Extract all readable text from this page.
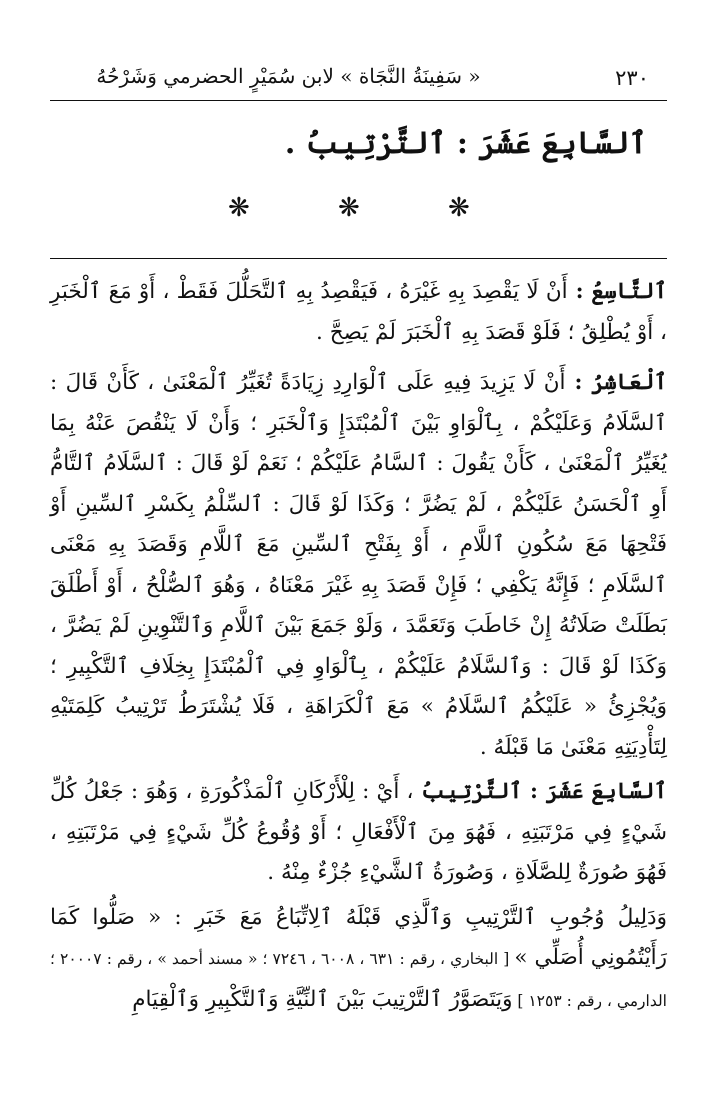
٢٣٠
« سَفِينَةُ النَّجَاة » لابن سُمَيْرٍ الحضرمي وَشَرْحُهُ
ٱلسَّابِعَ عَشَرَ : ٱلتَّرْتِيبُ .
❋	❋	❋

ٱلتَّاسِعُ : أَنْ لَا يَقْصِدَ بِهِ غَيْرَهُ ، فَيَقْصِدُ بِهِ ٱلتَّحَلُّلَ فَقَطْ ، أَوْ مَعَ ٱلْخَبَرِ ، أَوْ يُطْلِقُ ؛ فَلَوْ قَصَدَ بِهِ ٱلْخَبَرَ لَمْ يَصِحَّ .

ٱلْعَاشِرُ : أَنْ لَا يَزِيدَ فِيهِ عَلَى ٱلْوَارِدِ زِيَادَةً تُغَيِّرُ ٱلْمَعْنَىٰ ، كَأَنْ قَالَ : ٱلسَّلَامُ وَعَلَيْكُمْ ، بِٱلْوَاوِ بَيْنَ ٱلْمُبْتَدَإِ وَٱلْخَبَرِ ؛ وَأَنْ لَا يَنْقُصَ عَنْهُ بِمَا يُغَيِّرُ ٱلْمَعْنَىٰ ، كَأَنْ يَقُولَ : ٱلسَّامُ عَلَيْكُمْ ؛ نَعَمْ لَوْ قَالَ : ٱلسَّلَامُ ٱلتَّامُّ أَوِ ٱلْحَسَنُ عَلَيْكُمْ ، لَمْ يَضُرَّ ؛ وَكَذَا لَوْ قَالَ : ٱلسِّلْمُ بِكَسْرِ ٱلسِّينِ أَوْ فَتْحِهَا مَعَ سُكُونِ ٱللَّامِ ، أَوْ بِفَتْحِ ٱلسِّينِ مَعَ ٱللَّامِ وَقَصَدَ بِهِ مَعْنَى ٱلسَّلَامِ ؛ فَإِنَّهُ يَكْفِي ؛ فَإِنْ قَصَدَ بِهِ غَيْرَ مَعْنَاهُ ، وَهُوَ ٱلصُّلْحُ ، أَوْ أَطْلَقَ بَطَلَتْ صَلَاتُهُ إِنْ خَاطَبَ وَتَعَمَّدَ ، وَلَوْ جَمَعَ بَيْنَ ٱللَّامِ وَٱلتَّنْوِينِ لَمْ يَضُرَّ ، وَكَذَا لَوْ قَالَ : وَٱلسَّلَامُ عَلَيْكُمْ ، بِٱلْوَاوِ فِي ٱلْمُبْتَدَإِ بِخِلَافِ ٱلتَّكْبِيرِ ؛ وَيُجْزِئُ « عَلَيْكُمُ ٱلسَّلَامُ » مَعَ ٱلْكَرَاهَةِ ، فَلَا يُشْتَرَطُ تَرْتِيبُ كَلِمَتَيْهِ لِتَأْدِيَتِهِ مَعْنَىٰ مَا قَبْلَهُ .

ٱلسَّابِعَ عَشَرَ : ٱلتَّرْتِيبُ ، أَيْ : لِلْأَرْكَانِ ٱلْمَذْكُورَةِ ، وَهُوَ : جَعْلُ كُلِّ شَيْءٍ فِي مَرْتَبَتِهِ ، فَهُوَ مِنَ ٱلْأَفْعَالِ ؛ أَوْ وُقُوعُ كُلِّ شَيْءٍ فِي مَرْتَبَتِهِ ، فَهُوَ صُورَةٌ لِلصَّلَاةِ ، وَصُورَةُ ٱلشَّيْءِ جُزْءٌ مِنْهُ .

وَدَلِيلُ وُجُوبِ ٱلتَّرْتِيبِ وَٱلَّذِي قَبْلَهُ ٱلِاتِّبَاعُ مَعَ خَبَرِ : « صَلُّوا كَمَا رَأَيْتُمُونِي أُصَلِّي » [ البخاري ، رقم : ٦٣١ ، ٦٠٠٨ ، ٧٢٤٦ ؛ « مسند أحمد » ، رقم : ٢٠٠٠٧ ؛ الدارمي ، رقم : ١٢٥٣ ] وَيَتَصَوَّرُ ٱلتَّرْتِيبَ بَيْنَ ٱلنِّيَّةِ وَٱلتَّكْبِيرِ وَٱلْقِيَامِ
